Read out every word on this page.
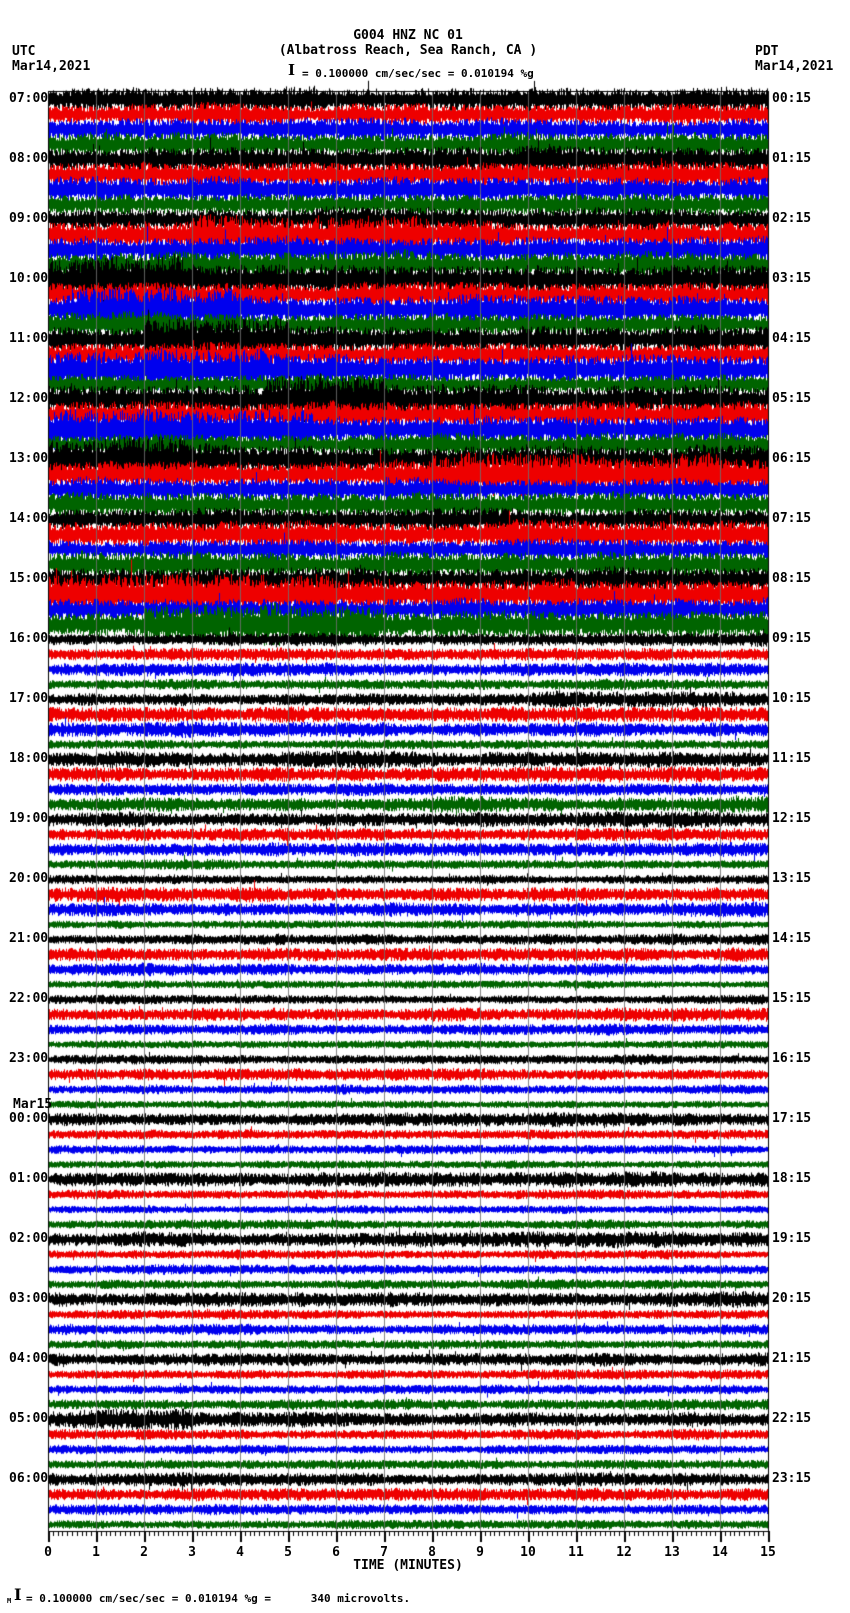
G004 HNZ NC 01
(Albatross Reach, Sea Ranch, CA )
I = 0.100000 cm/sec/sec = 0.010194 %g
UTC
Mar14,2021
PDT
Mar14,2021
07:00
08:00
09:00
10:00
11:00
12:00
13:00
14:00
15:00
16:00
17:00
18:00
19:00
20:00
21:00
22:00
23:00
00:00
01:00
02:00
03:00
04:00
05:00
06:00
Mar15
00:15
01:15
02:15
03:15
04:15
05:15
06:15
07:15
08:15
09:15
10:15
11:15
12:15
13:15
14:15
15:15
16:15
17:15
18:15
19:15
20:15
21:15
22:15
23:15
0	1	2	3	4	5	6	7	8	9	10 11 12 13 14 15
TIME (MINUTES)
M I = 0.100000 cm/sec/sec = 0.010194 %g =      340 microvolts.
